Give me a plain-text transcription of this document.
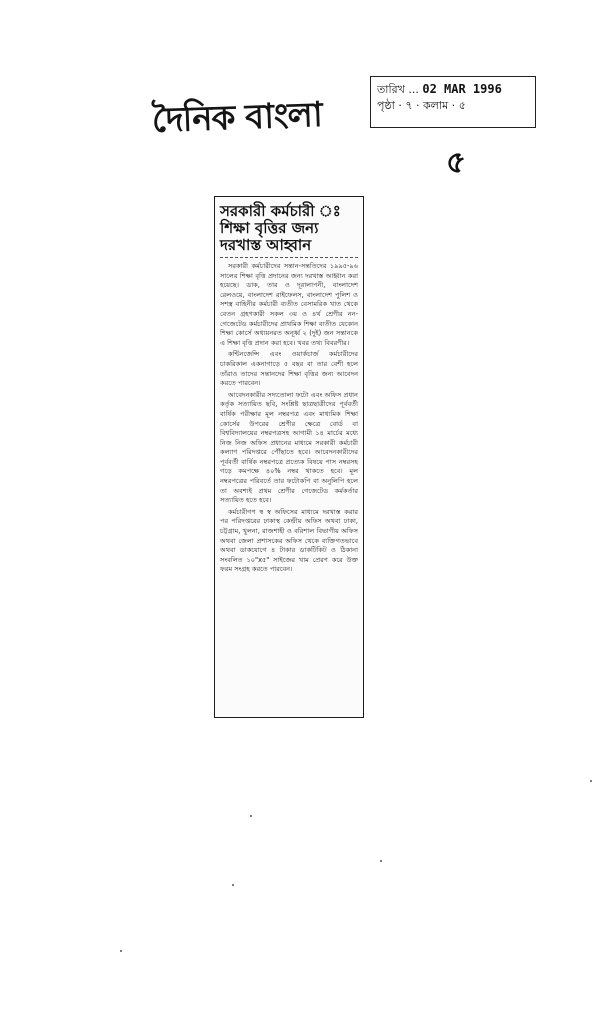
দৈনিক বাংলা
তারিখ ... 02 MAR 1996
পৃষ্ঠা · ৭ · কলাম · ৫
৫
সরকারী কর্মচারী ঃ
শিক্ষা বৃত্তির জন্য
দরখাস্ত আহ্বান

সরকারী কর্মচারীদের সন্তান-সন্ততিদের ১৯৯৫-৯৬ সালের শিক্ষা বৃত্তি প্রদানের জন্য দরখাস্ত আহ্বান করা হয়েছে। ডাক, তার ও দূরালাপনী, বাংলাদেশ রেলওয়ে, বাংলাদেশ রাইফেলস, বাংলাদেশ পুলিশ ও সশস্ত্র বাহিনীর কর্মচারী ব্যতীত বেসামরিক খাত থেকে বেতন গ্রহণকারী সকল ৩য় ও ৪র্থ শ্রেণীর নন-গেজেটেড কর্মচারীদের প্রাথমিক শিক্ষা ব্যতীত যেকোন শিক্ষা কোর্সে অধ্যয়নরত অনূর্ধ্ব ২ (দুই) জন সন্তানকে এ শিক্ষা বৃত্তি প্রদান করা হবে। খবর তথ্য বিবরণীর।

কন্টিনজেন্সি এবং ওয়ার্কচার্জ কর্মচারীদের চাকরিকাল একনাগাড়ে ৫ বছর বা তার বেশী হলে তাঁরাও তাদের সন্তানদের শিক্ষা বৃত্তির জন্য আবেদন করতে পারবেন।

আবেদনকারীর সদ্যতোলা ফটো এবং অফিস প্রধান কর্তৃক সত্যায়িত ছবি, সংশ্লিষ্ট ছাত্রছাত্রীদের পূর্ববর্তী বার্ষিক পরীক্ষার মূল নম্বরপত্র এবং মাধ্যমিক শিক্ষা কোর্সের উপরের শ্রেণীর ক্ষেত্রে বোর্ড বা বিশ্ববিদ্যালয়ের নম্বরপত্রসহ আগামী ১৪ মার্চের মধ্যে নিজ নিজ অফিস প্রধানের মাধ্যমে সরকারী কর্মচারী কল্যাণ পরিদপ্তরে পৌঁছাতে হবে। আবেদনকারীদের পূর্ববর্তী বার্ষিক নম্বরপত্রে প্রত্যেক বিষয়ে পাস নম্বরসহ গড়ে কমপক্ষে ৪০% নম্বর থাকতে হবে। মূল নম্বরপত্রের পরিবর্তে তার ফটোকপি বা অনুলিপি হলে তা অবশ্যই প্রথম শ্রেণীর গেজেটেড কর্মকর্তার সত্যায়িত হতে হবে।

কর্মচারীগণ স্ব স্ব অফিসের মাধ্যমে দরখাস্ত করার পর পরিদপ্তরের ঢাকাস্থ কেন্দ্রীয় অফিস অথবা ঢাকা, চট্টগ্রাম, খুলনা, রাজশাহী ও বরিশাল বিভাগীয় অফিস অথবা জেলা প্রশাসকের অফিস থেকে ব্যক্তিগতভাবে অথবা ডাকযোগে ৪ টাকার ডাকটিকিট ও ঠিকানা সংবলিত ১০"x৫" সাইজের খাম প্রেরণ করে উক্ত ফরম সংগ্রহ করতে পারবেন।
